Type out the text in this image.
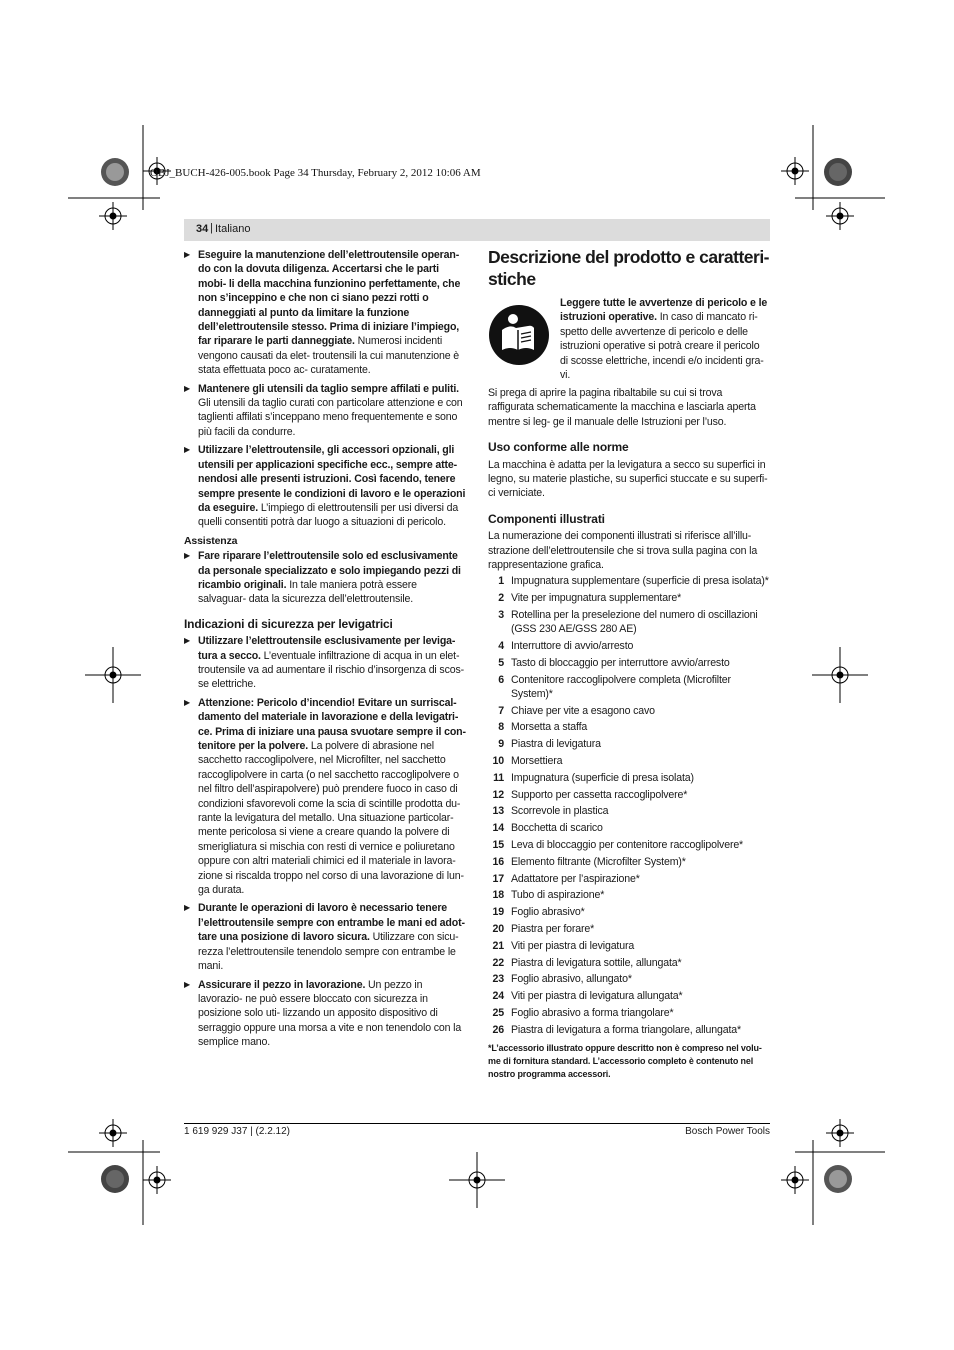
OBJ_BUCH-426-005.book Page 34 Thursday, February 2, 2012 10:06 AM
34 | Italiano
▶ Eseguire la manutenzione dell’elettroutensile operan- do con la dovuta diligenza. Accertarsi che le parti mobi- li della macchina funzionino perfettamente, che non s’inceppino e che non ci siano pezzi rotti o danneggiati al punto da limitare la funzione dell’elettroutensile stesso. Prima di iniziare l’impiego, far riparare le parti danneggiate. Numerosi incidenti vengono causati da elet- troutensili la cui manutenzione è stata effettuata poco ac- curatamente.

▶ Mantenere gli utensili da taglio sempre affilati e puliti. Gli utensili da taglio curati con particolare attenzione e con taglienti affilati s’inceppano meno frequentemente e sono più facili da condurre.

▶ Utilizzare l’elettroutensile, gli accessori opzionali, gli utensili per applicazioni specifiche ecc., sempre atte- nendosi alle presenti istruzioni. Così facendo, tenere sempre presente le condizioni di lavoro e le operazioni da eseguire. L’impiego di elettroutensili per usi diversi da quelli consentiti potrà dar luogo a situazioni di pericolo.

Assistenza
▶ Fare riparare l’elettroutensile solo ed esclusivamente da personale specializzato e solo impiegando pezzi di ricambio originali. In tale maniera potrà essere salvaguar- data la sicurezza dell’elettroutensile.

Indicazioni di sicurezza per levigatrici
▶ Utilizzare l’elettroutensile esclusivamente per leviga- tura a secco. L’eventuale infiltrazione di acqua in un elet- troutensile va ad aumentare il rischio d’insorgenza di scos- se elettriche.

▶ Attenzione: Pericolo d’incendio! Evitare un surriscal- damento del materiale in lavorazione e della levigatri- ce. Prima di iniziare una pausa svuotare sempre il con- tenitore per la polvere. La polvere di abrasione nel sacchetto raccoglipolvere, nel Microfilter, nel sacchetto raccoglipolvere in carta (o nel sacchetto raccoglipolvere o nel filtro dell’aspirapolvere) può prendere fuoco in caso di condizioni sfavorevoli come la scia di scintille prodotta du- rante la levigatura del metallo. Una situazione particolar- mente pericolosa si viene a creare quando la polvere di smerigliatura si mischia con resti di vernice e poliuretano oppure con altri materiali chimici ed il materiale in lavora- zione si riscalda troppo nel corso di una lavorazione di lun- ga durata.

▶ Durante le operazioni di lavoro è necessario tenere l’elettroutensile sempre con entrambe le mani ed adot- tare una posizione di lavoro sicura. Utilizzare con sicu- rezza l’elettroutensile tenendolo sempre con entrambe le mani.

▶ Assicurare il pezzo in lavorazione. Un pezzo in lavorazio- ne può essere bloccato con sicurezza in posizione solo uti- lizzando un apposito dispositivo di serraggio oppure una morsa a vite e non tenendolo con la semplice mano.

Descrizione del prodotto e caratteri- stiche

Leggere tutte le avvertenze di pericolo e le istruzioni operative. In caso di mancato ri- spetto delle avvertenze di pericolo e delle istruzioni operative si potrà creare il pericolo di scosse elettriche, incendi e/o incidenti gra- vi.

Si prega di aprire la pagina ribaltabile su cui si trova raffigurata schematicamente la macchina e lasciarla aperta mentre si leg- ge il manuale delle Istruzioni per l’uso.

Uso conforme alle norme

La macchina è adatta per la levigatura a secco su superfici in legno, su materie plastiche, su superfici stuccate e su superfi- ci verniciate.

Componenti illustrati

La numerazione dei componenti illustrati si riferisce all’illu- strazione dell’elettroutensile che si trova sulla pagina con la rappresentazione grafica.

1 Impugnatura supplementare (superficie di presa isolata)*
2 Vite per impugnatura supplementare*
3 Rotellina per la preselezione del numero di oscillazioni (GSS 230 AE/GSS 280 AE)
4 Interruttore di avvio/arresto
5 Tasto di bloccaggio per interruttore avvio/arresto
6 Contenitore raccoglipolvere completa (Microfilter System)*
7 Chiave per vite a esagono cavo
8 Morsetta a staffa
9 Piastra di levigatura
10 Morsettiera
11 Impugnatura (superficie di presa isolata)
12 Supporto per cassetta raccoglipolvere*
13 Scorrevole in plastica
14 Bocchetta di scarico
15 Leva di bloccaggio per contenitore raccoglipolvere*
16 Elemento filtrante (Microfilter System)*
17 Adattatore per l’aspirazione*
18 Tubo di aspirazione*
19 Foglio abrasivo*
20 Piastra per forare*
21 Viti per piastra di levigatura
22 Piastra di levigatura sottile, allungata*
23 Foglio abrasivo, allungato*
24 Viti per piastra di levigatura allungata*
25 Foglio abrasivo a forma triangolare*
26 Piastra di levigatura a forma triangolare, allungata*

*L’accessorio illustrato oppure descritto non è compreso nel volu- me di fornitura standard. L’accessorio completo è contenuto nel nostro programma accessori.

1 619 929 J37 | (2.2.12)	Bosch Power Tools
